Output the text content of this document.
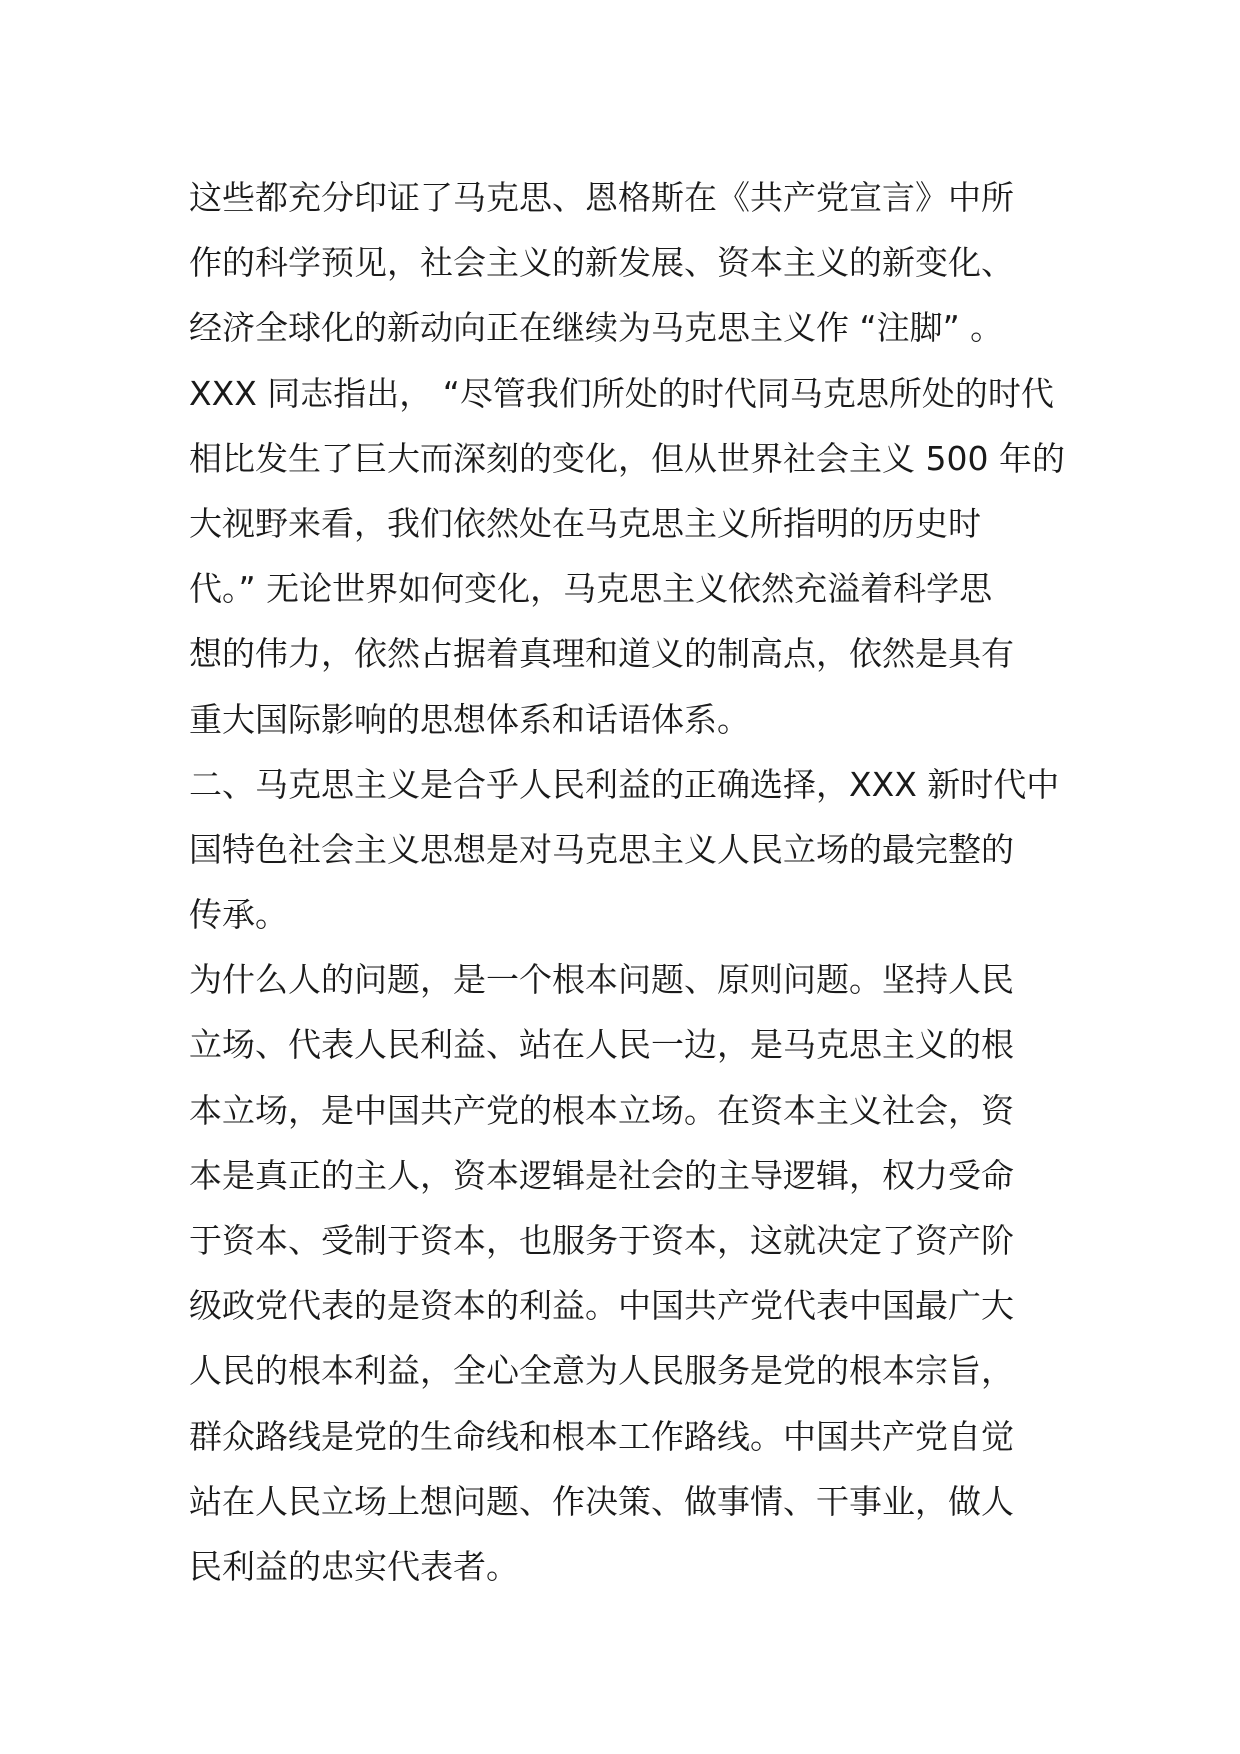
这些都充分印证了马克思、恩格斯在《共产党宣言》中所
作的科学预见，社会主义的新发展、资本主义的新变化、
经济全球化的新动向正在继续为马克思主义作 “注脚” 。
XXX 同志指出， “尽管我们所处的时代同马克思所处的时代
相比发生了巨大而深刻的变化，但从世界社会主义 500 年的
大视野来看，我们依然处在马克思主义所指明的历史时
代。” 无论世界如何变化，马克思主义依然充溢着科学思
想的伟力，依然占据着真理和道义的制高点，依然是具有
重大国际影响的思想体系和话语体系。
二、马克思主义是合乎人民利益的正确选择，XXX 新时代中
国特色社会主义思想是对马克思主义人民立场的最完整的
传承。
为什么人的问题，是一个根本问题、原则问题。坚持人民
立场、代表人民利益、站在人民一边，是马克思主义的根
本立场，是中国共产党的根本立场。在资本主义社会，资
本是真正的主人，资本逻辑是社会的主导逻辑，权力受命
于资本、受制于资本，也服务于资本，这就决定了资产阶
级政党代表的是资本的利益。中国共产党代表中国最广大
人民的根本利益，全心全意为人民服务是党的根本宗旨，
群众路线是党的生命线和根本工作路线。中国共产党自觉
站在人民立场上想问题、作决策、做事情、干事业，做人
民利益的忠实代表者。
